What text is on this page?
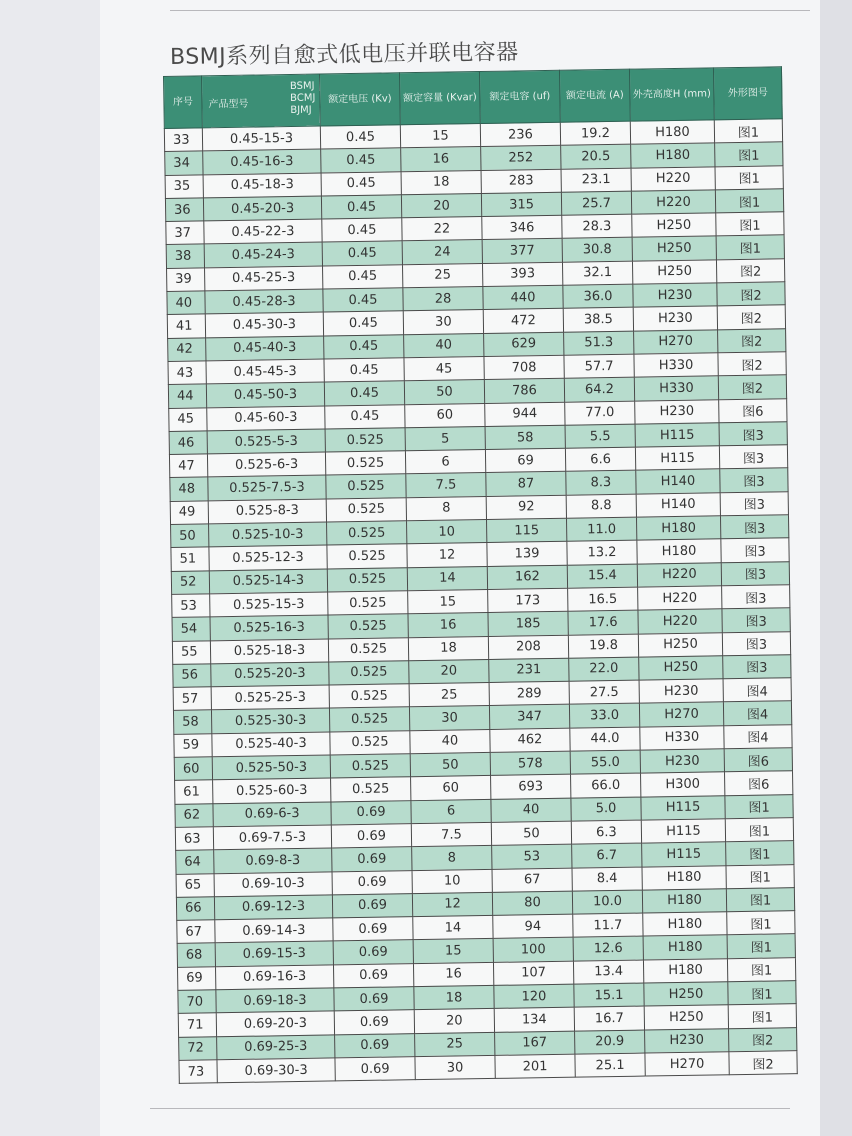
BSMJ系列自愈式低电压并联电容器
序号	产品型号
BSMJ
BCMJ
BJMJ	额定电压 (Kv)	额定容量 (Kvar)	额定电容 (uf)	额定电流 (A)	外壳高度H (mm)	外形图号
33	0.45-15-3	0.45	15	236	19.2	H180	图1
34	0.45-16-3	0.45	16	252	20.5	H180	图1
35	0.45-18-3	0.45	18	283	23.1	H220	图1
36	0.45-20-3	0.45	20	315	25.7	H220	图1
37	0.45-22-3	0.45	22	346	28.3	H250	图1
38	0.45-24-3	0.45	24	377	30.8	H250	图1
39	0.45-25-3	0.45	25	393	32.1	H250	图2
40	0.45-28-3	0.45	28	440	36.0	H230	图2
41	0.45-30-3	0.45	30	472	38.5	H230	图2
42	0.45-40-3	0.45	40	629	51.3	H270	图2
43	0.45-45-3	0.45	45	708	57.7	H330	图2
44	0.45-50-3	0.45	50	786	64.2	H330	图2
45	0.45-60-3	0.45	60	944	77.0	H230	图6
46	0.525-5-3	0.525	5	58	5.5	H115	图3
47	0.525-6-3	0.525	6	69	6.6	H115	图3
48	0.525-7.5-3	0.525	7.5	87	8.3	H140	图3
49	0.525-8-3	0.525	8	92	8.8	H140	图3
50	0.525-10-3	0.525	10	115	11.0	H180	图3
51	0.525-12-3	0.525	12	139	13.2	H180	图3
52	0.525-14-3	0.525	14	162	15.4	H220	图3
53	0.525-15-3	0.525	15	173	16.5	H220	图3
54	0.525-16-3	0.525	16	185	17.6	H220	图3
55	0.525-18-3	0.525	18	208	19.8	H250	图3
56	0.525-20-3	0.525	20	231	22.0	H250	图3
57	0.525-25-3	0.525	25	289	27.5	H230	图4
58	0.525-30-3	0.525	30	347	33.0	H270	图4
59	0.525-40-3	0.525	40	462	44.0	H330	图4
60	0.525-50-3	0.525	50	578	55.0	H230	图6
61	0.525-60-3	0.525	60	693	66.0	H300	图6
62	0.69-6-3	0.69	6	40	5.0	H115	图1
63	0.69-7.5-3	0.69	7.5	50	6.3	H115	图1
64	0.69-8-3	0.69	8	53	6.7	H115	图1
65	0.69-10-3	0.69	10	67	8.4	H180	图1
66	0.69-12-3	0.69	12	80	10.0	H180	图1
67	0.69-14-3	0.69	14	94	11.7	H180	图1
68	0.69-15-3	0.69	15	100	12.6	H180	图1
69	0.69-16-3	0.69	16	107	13.4	H180	图1
70	0.69-18-3	0.69	18	120	15.1	H250	图1
71	0.69-20-3	0.69	20	134	16.7	H250	图1
72	0.69-25-3	0.69	25	167	20.9	H230	图2
73	0.69-30-3	0.69	30	201	25.1	H270	图2
